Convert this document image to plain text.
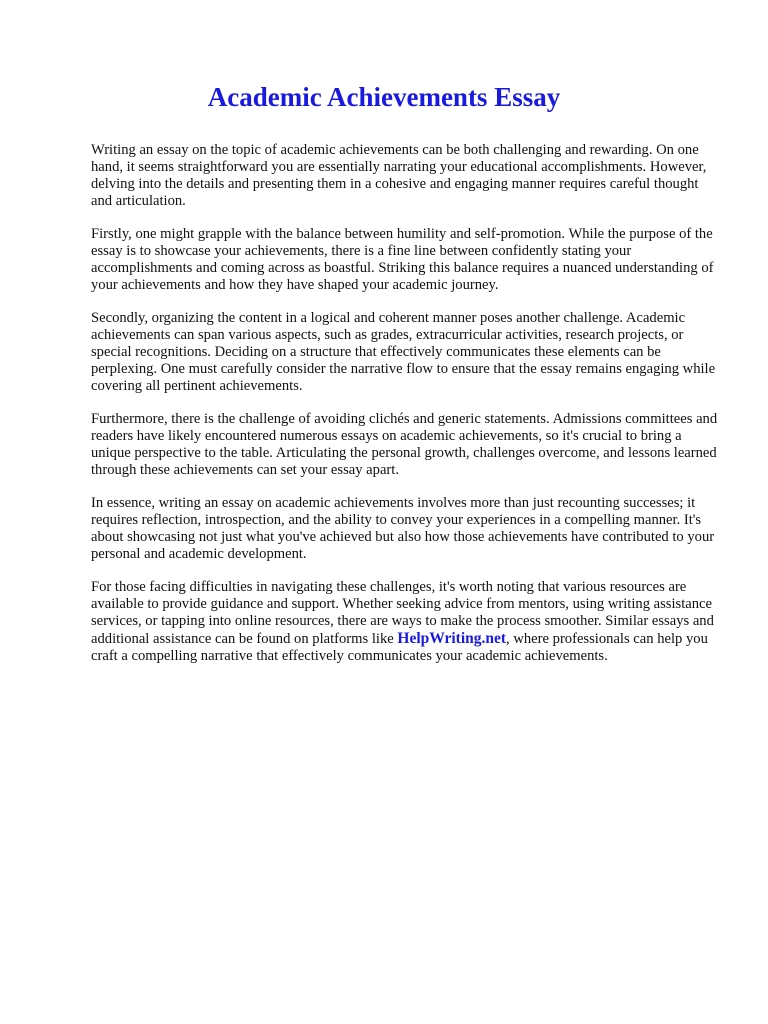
Academic Achievements Essay

Writing an essay on the topic of academic achievements can be both challenging and rewarding. On one hand, it seems straightforward you are essentially narrating your educational accomplishments. However, delving into the details and presenting them in a cohesive and engaging manner requires careful thought and articulation.

Firstly, one might grapple with the balance between humility and self-promotion. While the purpose of the essay is to showcase your achievements, there is a fine line between confidently stating your accomplishments and coming across as boastful. Striking this balance requires a nuanced understanding of your achievements and how they have shaped your academic journey.

Secondly, organizing the content in a logical and coherent manner poses another challenge. Academic achievements can span various aspects, such as grades, extracurricular activities, research projects, or special recognitions. Deciding on a structure that effectively communicates these elements can be perplexing. One must carefully consider the narrative flow to ensure that the essay remains engaging while covering all pertinent achievements.

Furthermore, there is the challenge of avoiding clichés and generic statements. Admissions committees and readers have likely encountered numerous essays on academic achievements, so it's crucial to bring a unique perspective to the table. Articulating the personal growth, challenges overcome, and lessons learned through these achievements can set your essay apart.

In essence, writing an essay on academic achievements involves more than just recounting successes; it requires reflection, introspection, and the ability to convey your experiences in a compelling manner. It's about showcasing not just what you've achieved but also how those achievements have contributed to your personal and academic development.

For those facing difficulties in navigating these challenges, it's worth noting that various resources are available to provide guidance and support. Whether seeking advice from mentors, using writing assistance services, or tapping into online resources, there are ways to make the process smoother. Similar essays and additional assistance can be found on platforms like HelpWriting.net, where professionals can help you craft a compelling narrative that effectively communicates your academic achievements.
